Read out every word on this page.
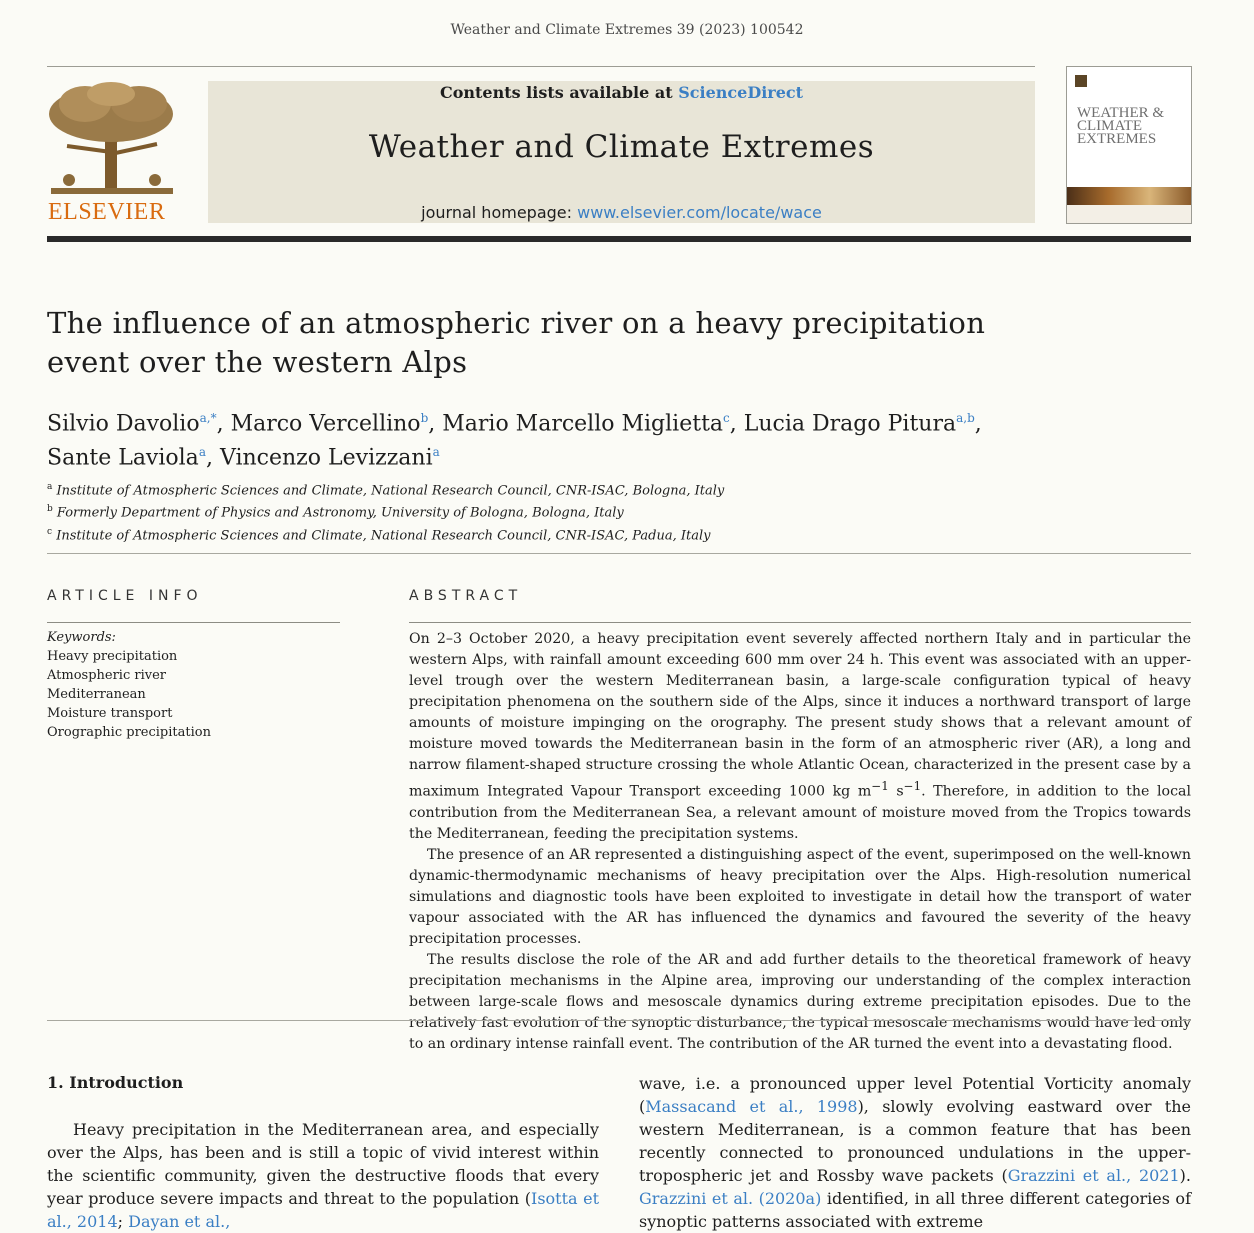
Weather and Climate Extremes 39 (2023) 100542
ELSEVIER
Contents lists available at ScienceDirect
Weather and Climate Extremes
journal homepage: www.elsevier.com/locate/wace
WEATHER & CLIMATE EXTREMES
The influence of an atmospheric river on a heavy precipitation event over the western Alps
Silvio Davolio$^{a,*}$, Marco Vercellino$^b$, Mario Marcello Miglietta$^c$, Lucia Drago Pitura$^{a,b}$,
Sante Laviola$^a$, Vincenzo Levizzani$^a$
$^a$ Institute of Atmospheric Sciences and Climate, National Research Council, CNR-ISAC, Bologna, Italy
$^b$ Formerly Department of Physics and Astronomy, University of Bologna, Bologna, Italy
$^c$ Institute of Atmospheric Sciences and Climate, National Research Council, CNR-ISAC, Padua, Italy
ARTICLE INFO
Keywords:
Heavy precipitation
Atmospheric river
Mediterranean
Moisture transport
Orographic precipitation
ABSTRACT

On 2–3 October 2020, a heavy precipitation event severely affected northern Italy and in particular the western Alps, with rainfall amount exceeding 600 mm over 24 h. This event was associated with an upper-level trough over the western Mediterranean basin, a large-scale configuration typical of heavy precipitation phenomena on the southern side of the Alps, since it induces a northward transport of large amounts of moisture impinging on the orography. The present study shows that a relevant amount of moisture moved towards the Mediterranean basin in the form of an atmospheric river (AR), a long and narrow filament-shaped structure crossing the whole Atlantic Ocean, characterized in the present case by a maximum Integrated Vapour Transport exceeding 1000 kg $m^{-1}$ $s^{-1}$. Therefore, in addition to the local contribution from the Mediterranean Sea, a relevant amount of moisture moved from the Tropics towards the Mediterranean, feeding the precipitation systems.

The presence of an AR represented a distinguishing aspect of the event, superimposed on the well-known dynamic-thermodynamic mechanisms of heavy precipitation over the Alps. High-resolution numerical simulations and diagnostic tools have been exploited to investigate in detail how the transport of water vapour associated with the AR has influenced the dynamics and favoured the severity of the heavy precipitation processes.

The results disclose the role of the AR and add further details to the theoretical framework of heavy precipitation mechanisms in the Alpine area, improving our understanding of the complex interaction between large-scale flows and mesoscale dynamics during extreme precipitation episodes. Due to the relatively fast evolution of the synoptic disturbance, the typical mesoscale mechanisms would have led only to an ordinary intense rainfall event. The contribution of the AR turned the event into a devastating flood.

1. Introduction
Heavy precipitation in the Mediterranean area, and especially over the Alps, has been and is still a topic of vivid interest within the scientific community, given the destructive floods that every year produce severe impacts and threat to the population (Isotta et al., 2014; Dayan et al.,
wave, i.e. a pronounced upper level Potential Vorticity anomaly (Massacand et al., 1998), slowly evolving eastward over the western Mediterranean, is a common feature that has been recently connected to pronounced undulations in the upper-tropospheric jet and Rossby wave packets (Grazzini et al., 2021). Grazzini et al. (2020a) identified, in all three different categories of synoptic patterns associated with extreme
